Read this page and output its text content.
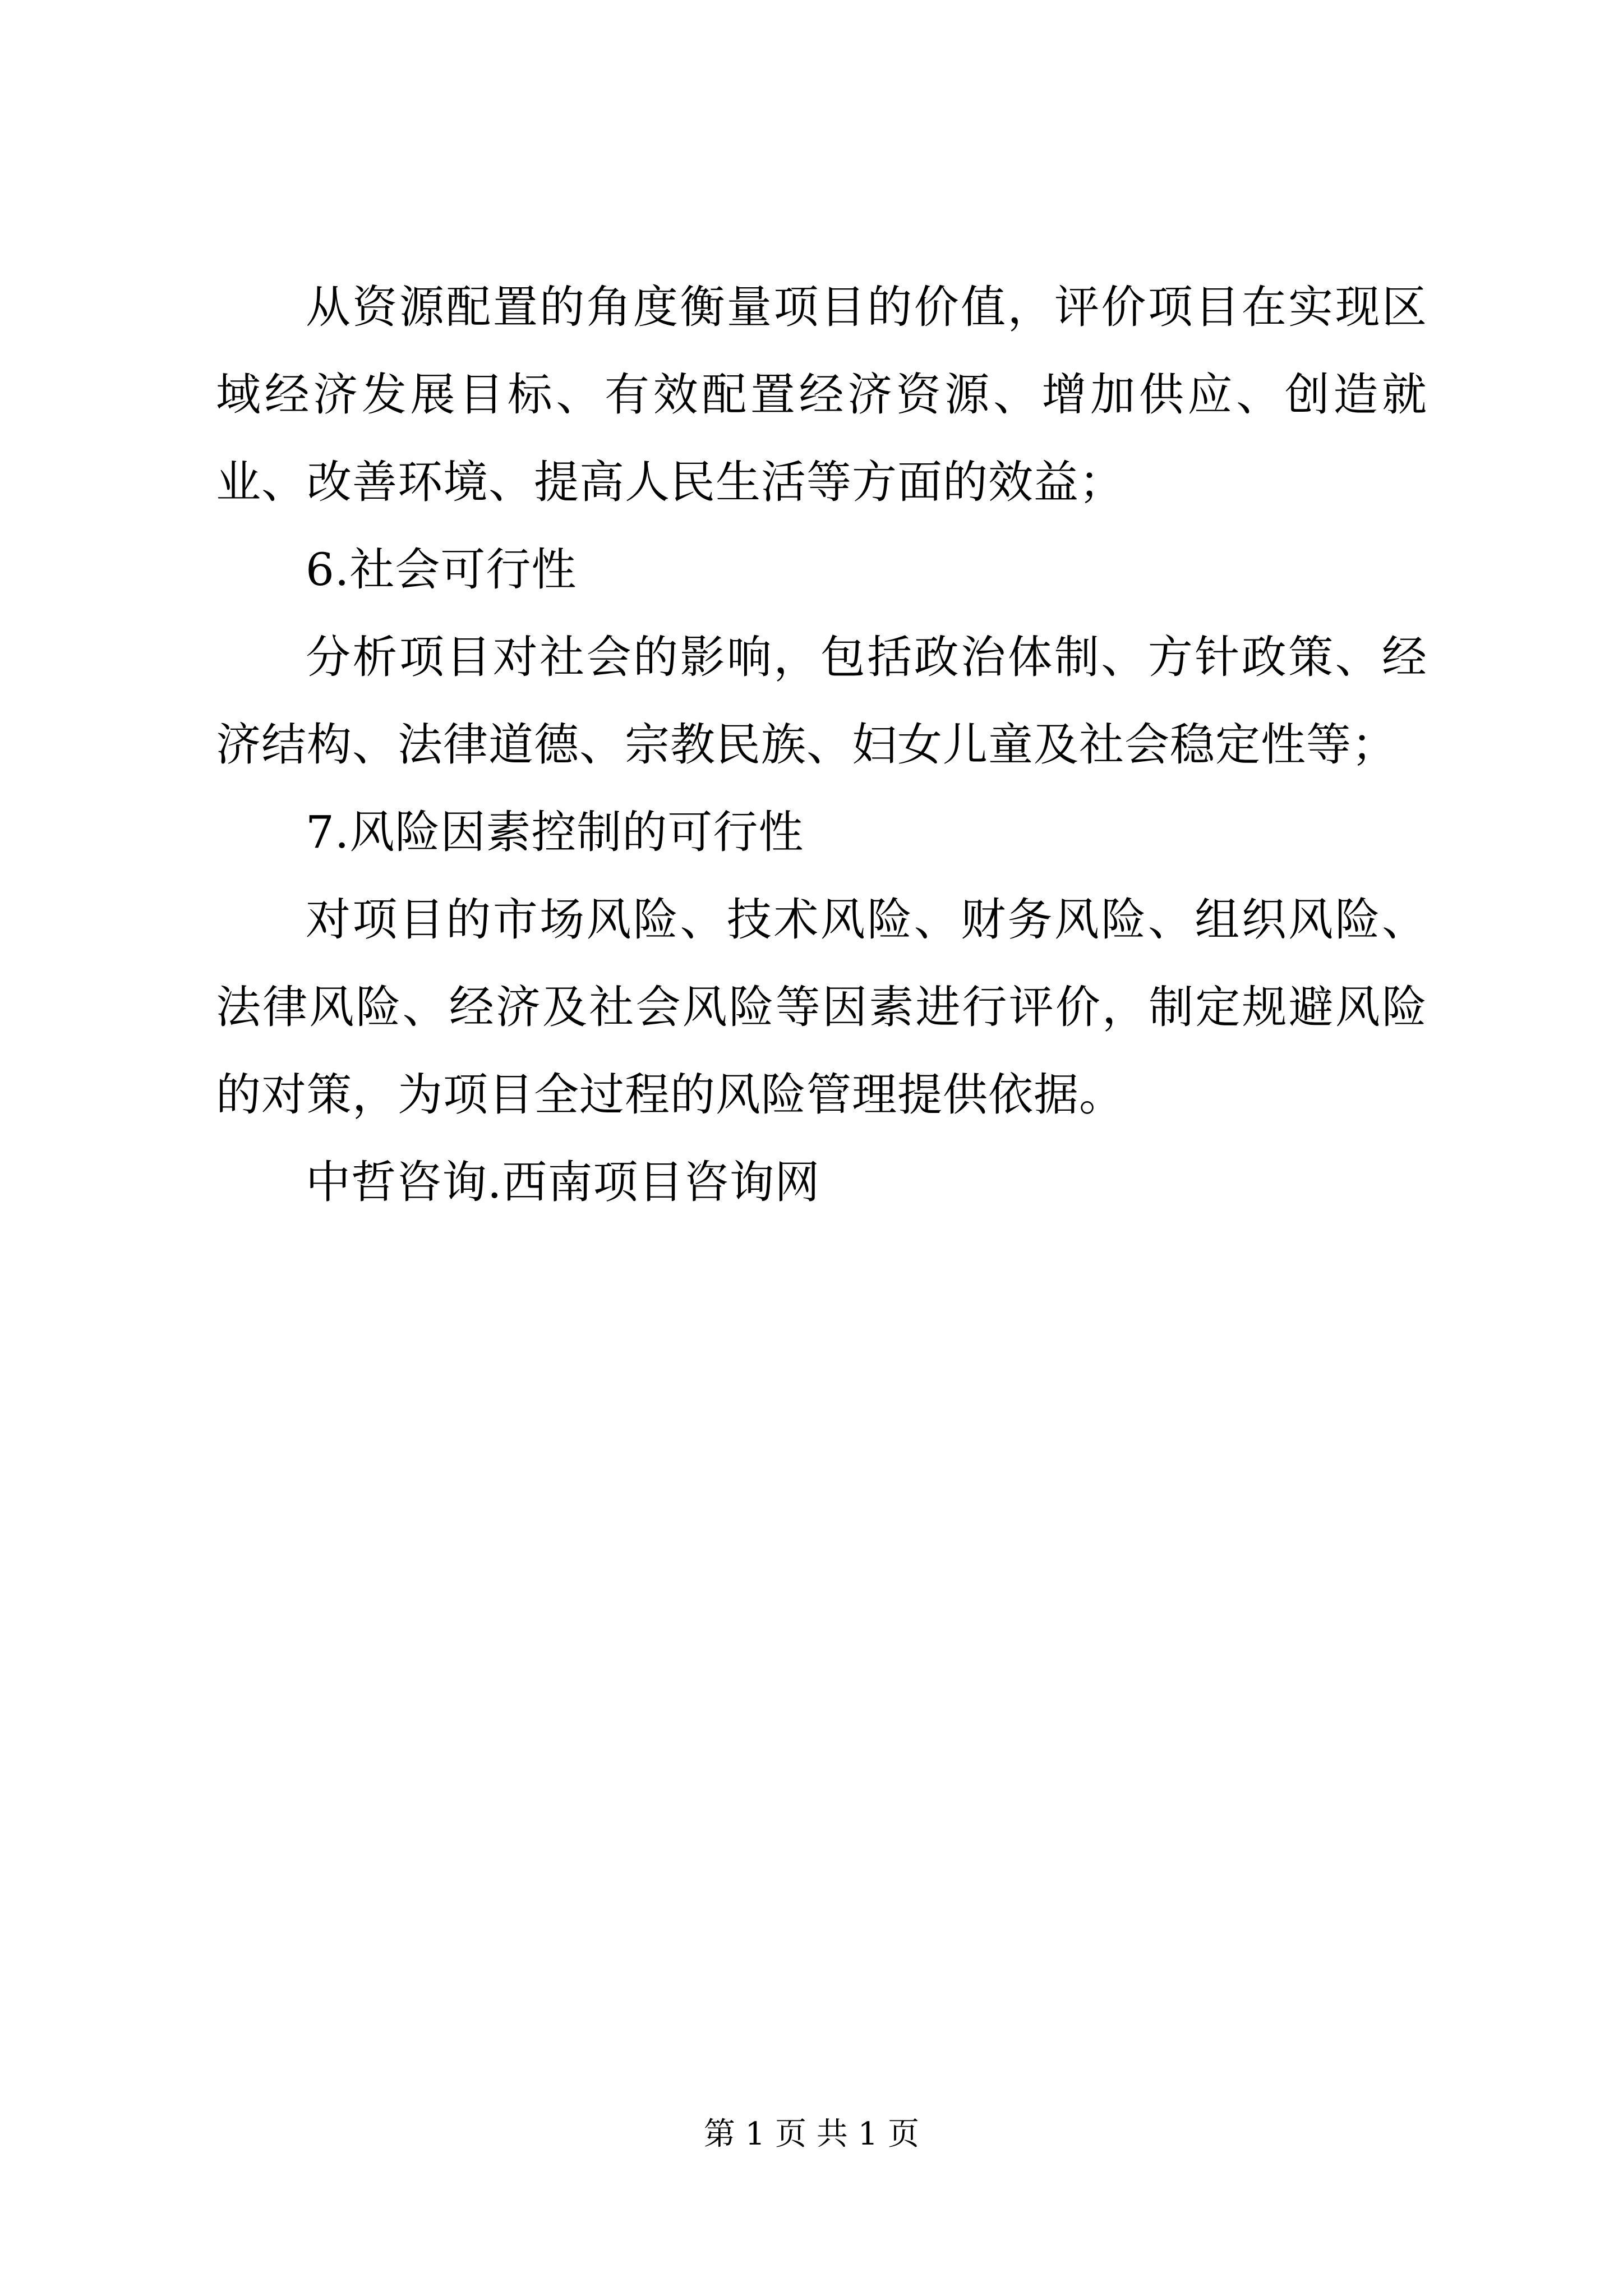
从资源配置的角度衡量项目的价值，评价项目在实现区域经济发展目标、有效配置经济资源、增加供应、创造就业、改善环境、提高人民生活等方面的效益；

6.社会可行性

分析项目对社会的影响，包括政治体制、方针政策、经济结构、法律道德、宗教民族、妇女儿童及社会稳定性等；

7.风险因素控制的可行性

对项目的市场风险、技术风险、财务风险、组织风险、法律风险、经济及社会风险等因素进行评价，制定规避风险的对策，为项目全过程的风险管理提供依据。

中哲咨询.西南项目咨询网

第 1 页 共 1 页
